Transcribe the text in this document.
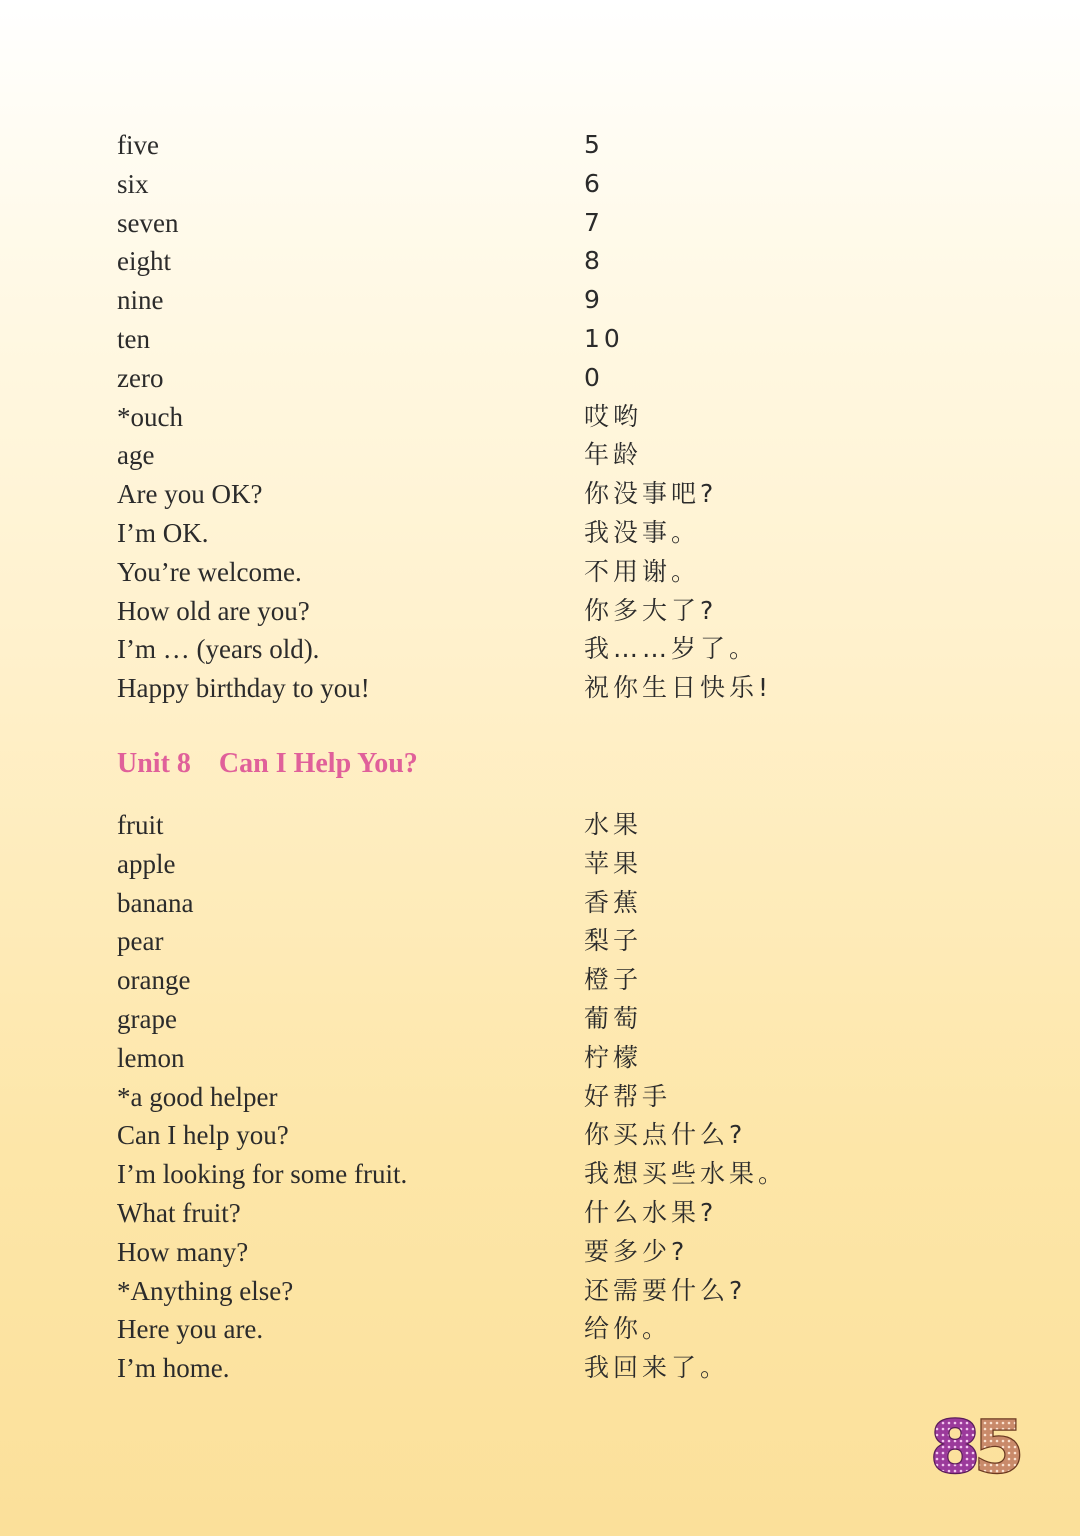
five	5
six	6
seven	7
eight	8
nine	9
ten	10
zero	0
*ouch	哎哟
age	年龄
Are you OK?	你没事吧?
I’m OK.	我没事。
You’re welcome.	不用谢。
How old are you?	你多大了?
I’m … (years old).	我……岁了。
Happy birthday to you!	祝你生日快乐!
Unit 8 Can I Help You?
fruit	水果
apple	苹果
banana	香蕉
pear	梨子
orange	橙子
grape	葡萄
lemon	柠檬
*a good helper	好帮手
Can I help you?	你买点什么?
I’m looking for some fruit.	我想买些水果。
What fruit?	什么水果?
How many?	要多少?
*Anything else?	还需要什么?
Here you are.	给你。
I’m home.	我回来了。
8
5
